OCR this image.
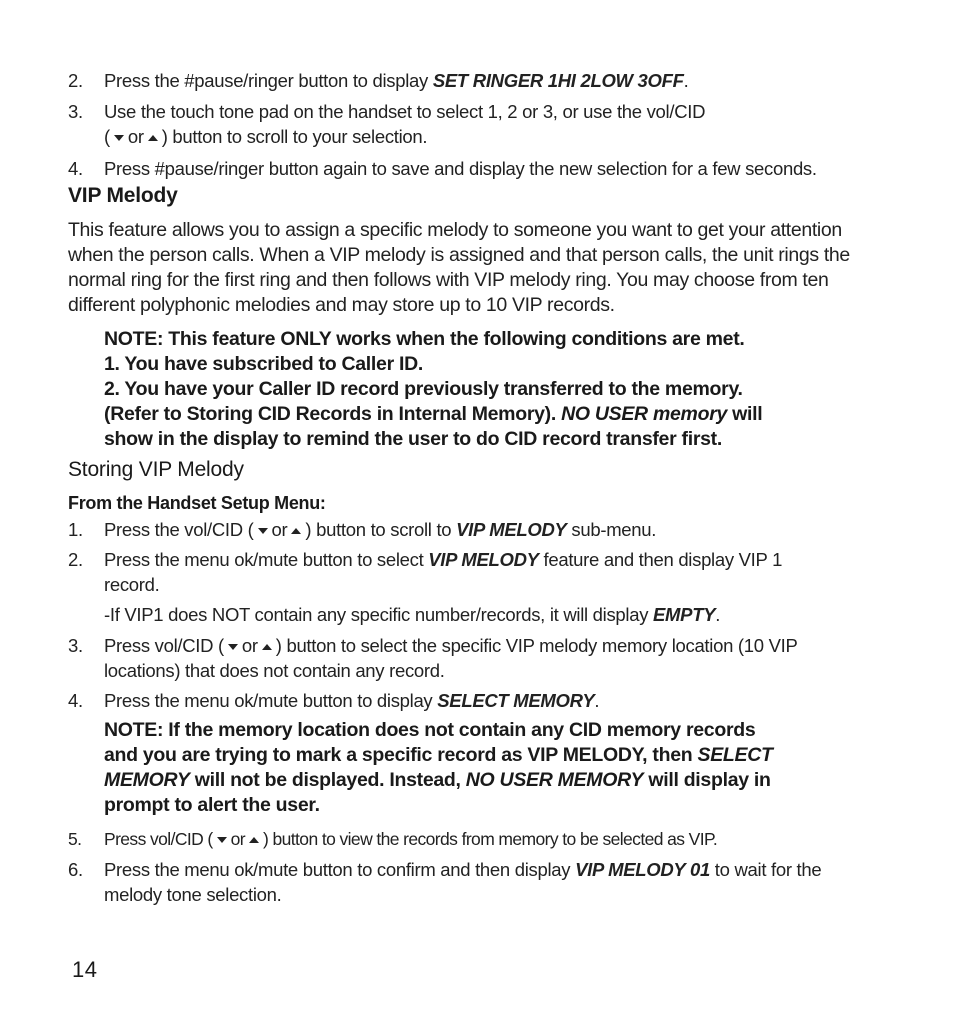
2. Press the #pause/ringer button to display SET RINGER 1HI 2LOW 3OFF.
3. Use the touch tone pad on the handset to select 1, 2 or 3, or use the vol/CID
( or ) button to scroll to your selection.
4. Press #pause/ringer button again to save and display the new selection for a few seconds.
VIP Melody
This feature allows you to assign a specific melody to someone you want to get your attention when the person calls. When a VIP melody is assigned and that person calls, the unit rings the normal ring for the first ring and then follows with VIP melody ring. You may choose from ten different polyphonic melodies and may store up to 10 VIP records.
NOTE: This feature ONLY works when the following conditions are met.
1. You have subscribed to Caller ID.
2. You have your Caller ID record previously transferred to the memory.
(Refer to Storing CID Records in Internal Memory). NO USER memory will
show in the display to remind the user to do CID record transfer first.
Storing VIP Melody
From the Handset Setup Menu:
1. Press the vol/CID ( or ) button to scroll to VIP MELODY sub-menu.
2. Press the menu ok/mute button to select VIP MELODY feature and then display VIP 1
record.
-If VIP1 does NOT contain any specific number/records, it will display EMPTY.
3. Press vol/CID ( or ) button to select the specific VIP melody memory location (10 VIP
locations) that does not contain any record.
4. Press the menu ok/mute button to display SELECT MEMORY.
NOTE: If the memory location does not contain any CID memory records
and you are trying to mark a specific record as VIP MELODY, then SELECT
MEMORY will not be displayed. Instead, NO USER MEMORY will display in
prompt to alert the user.
5. Press vol/CID ( or ) button to view the records from memory to be selected as VIP.
6. Press the menu ok/mute button to confirm and then display VIP MELODY 01 to wait for the
melody tone selection.
14
